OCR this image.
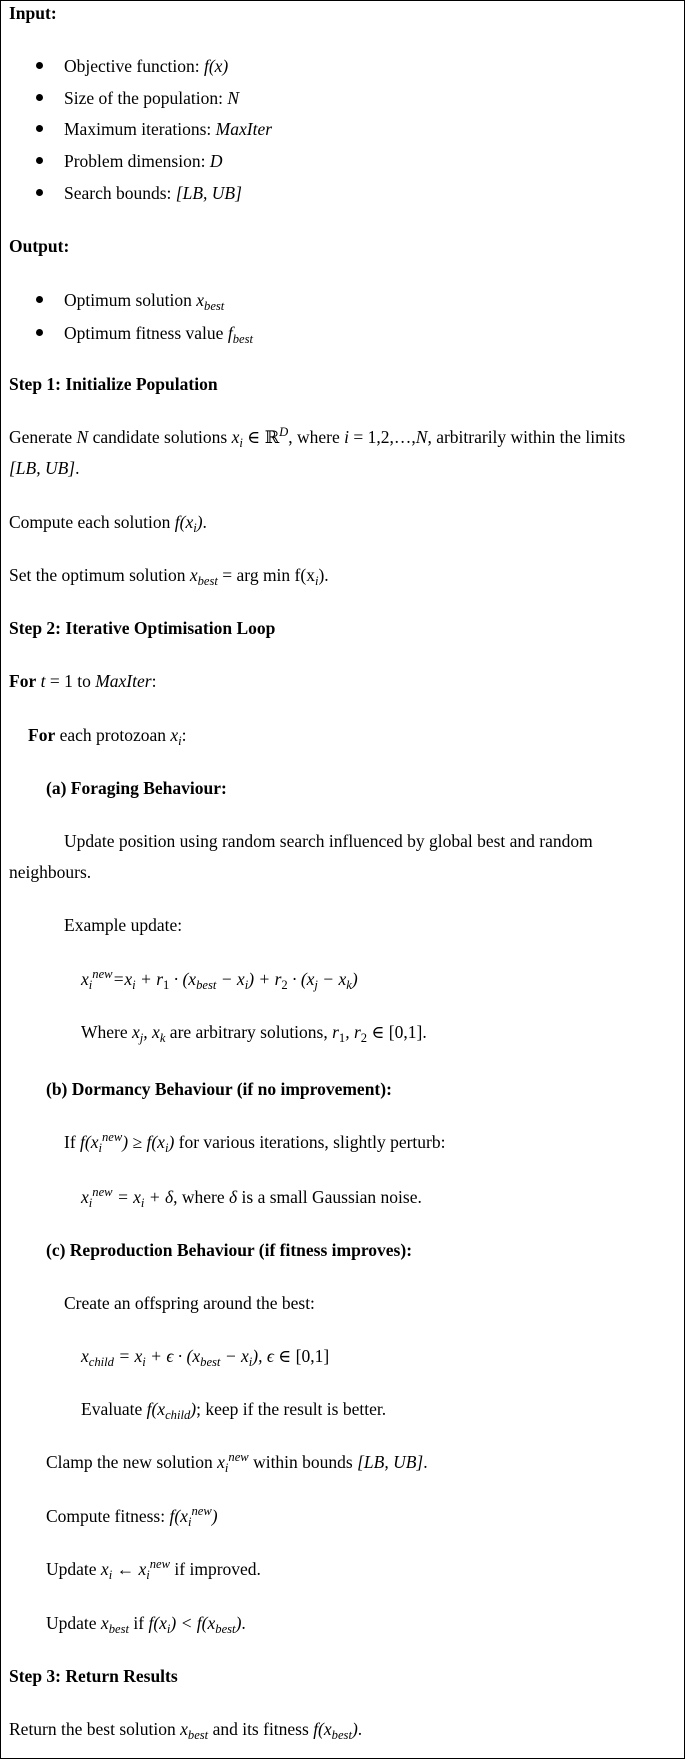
Input:
Objective function: f(x)
Size of the population: N
Maximum iterations: MaxIter
Problem dimension: D
Search bounds: [LB, UB]
Output:
Optimum solution $x_{best}$
Optimum fitness value $f_{best}$
Step 1: Initialize Population
Generate N candidate solutions $x_i$ ∈ ℝ$^D$, where i = 1,2,…,N, arbitrarily within the limits
[LB, UB].
Compute each solution $f(x_i)$.
Set the optimum solution $x_{best}$ = arg $\min f(x_i)$.
Step 2: Iterative Optimisation Loop
For t = 1 to MaxIter:
For each protozoan $x_i$:
(a) Foraging Behaviour:
Update position using random search influenced by global best and random
neighbours.
Example update:
$x_i^{new}=x_i + r_1 \cdot (x_{best} - x_i) + r_2 \cdot (x_j - x_k)$
Where $x_j$, $x_k$ are arbitrary solutions, $r_1$, $r_2$ ∈ [0,1].
(b) Dormancy Behaviour (if no improvement):
If $f(x_i^{new}) \ge f(x_i)$ for various iterations, slightly perturb:
$x_i^{new} = x_i + \delta$, where δ is a small Gaussian noise.
(c) Reproduction Behaviour (if fitness improves):
Create an offspring around the best:
$x_{child} = x_i + \epsilon \cdot (x_{best} - x_i)$, ϵ ∈ [0,1]
Evaluate $f(x_{child})$; keep if the result is better.
Clamp the new solution $x_i^{new}$ within bounds [LB, UB].
Compute fitness: $f(x_i^{new})$
Update $x_i$ ← $x_i^{new}$ if improved.
Update $x_{best}$ if $f(x_i) < f(x_{best})$.
Step 3: Return Results
Return the best solution $x_{best}$ and its fitness $f(x_{best})$.
